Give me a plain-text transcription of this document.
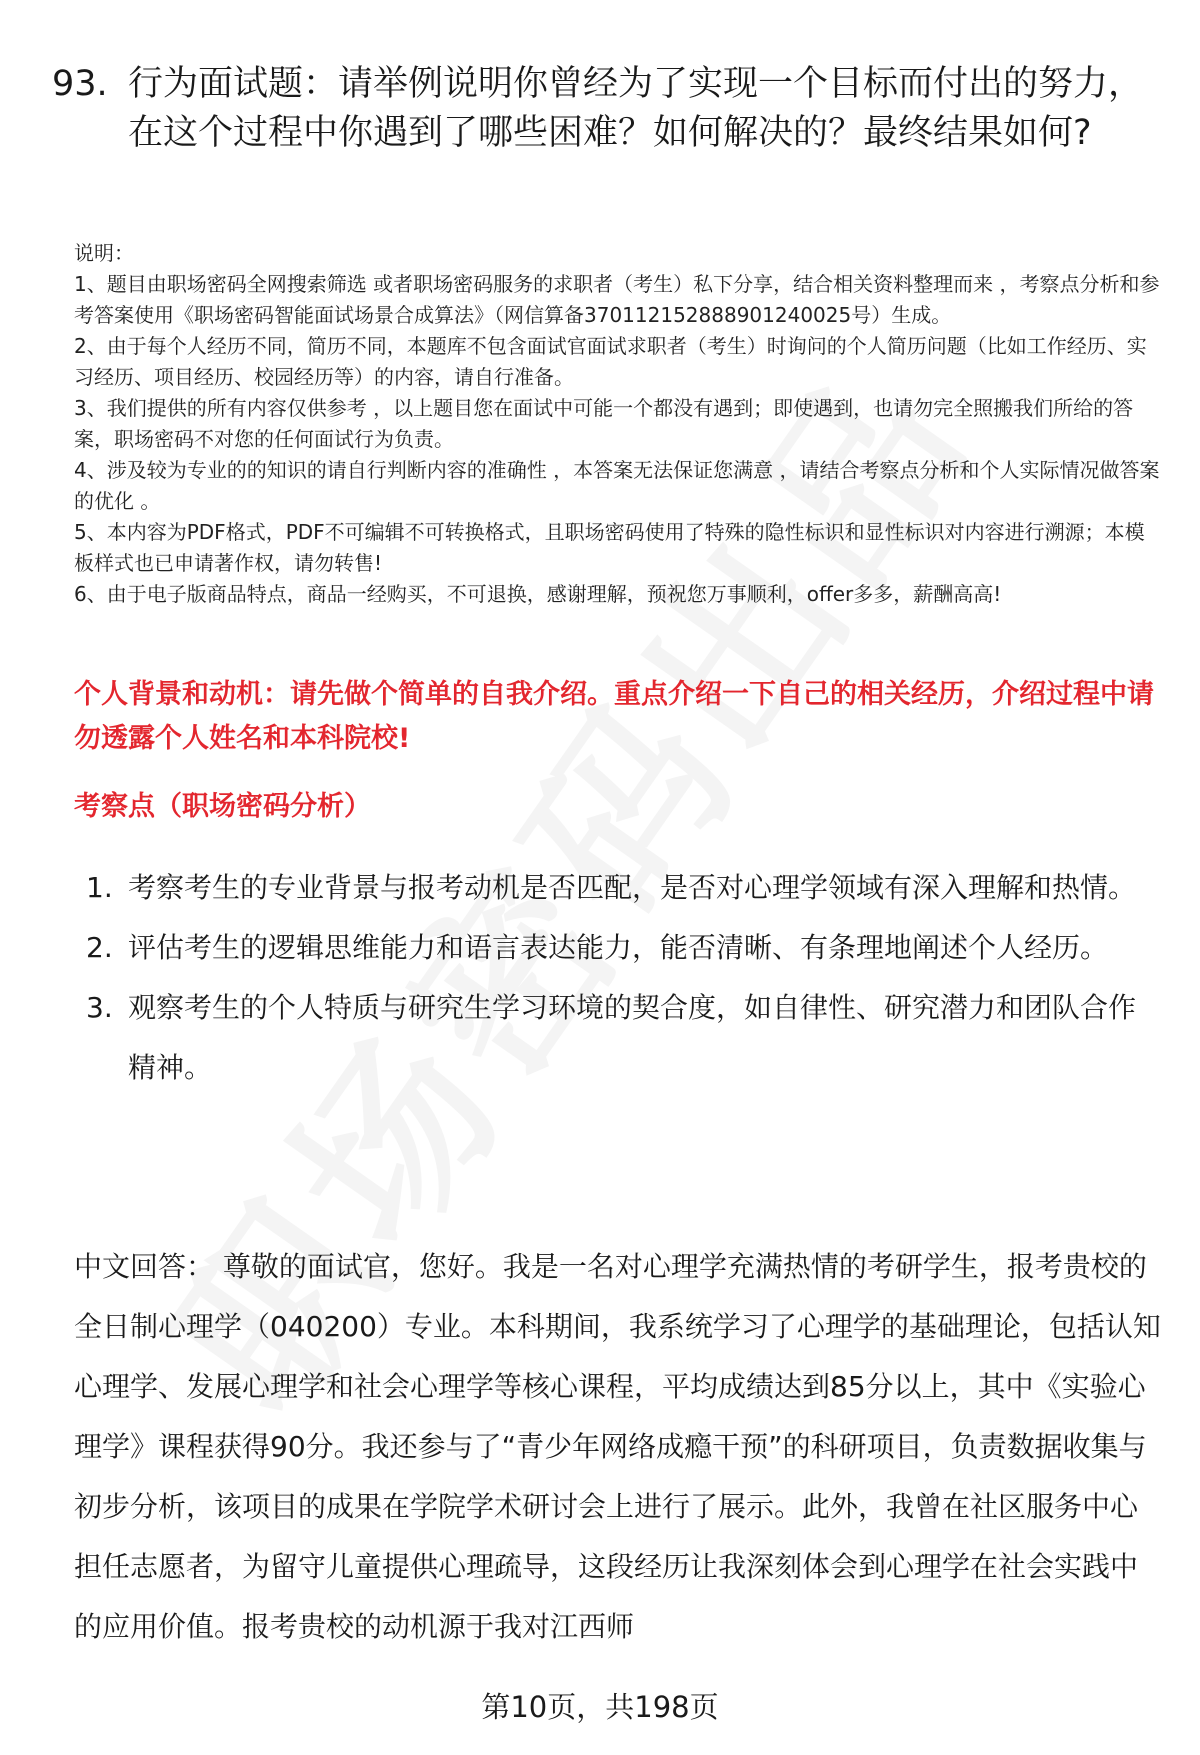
93. 行为面试题：请举例说明你曾经为了实现一个目标而付出的努力，在这个过程中你遇到了哪些困难？如何解决的？最终结果如何?

说明：

1、题目由职场密码全网搜索筛选 或者职场密码服务的求职者（考生）私下分享，结合相关资料整理而来 ，考察点分析和参考答案使用《职场密码智能面试场景合成算法》（网信算备370112152888901240025号）生成。

2、由于每个人经历不同，简历不同，本题库不包含面试官面试求职者（考生）时询问的个人简历问题（比如工作经历、实习经历、项目经历、校园经历等）的内容，请自行准备。

3、我们提供的所有内容仅供参考 ，以上题目您在面试中可能一个都没有遇到；即使遇到，也请勿完全照搬我们所给的答案，职场密码不对您的任何面试行为负责。

4、涉及较为专业的的知识的请自行判断内容的准确性 ，本答案无法保证您满意 ，请结合考察点分析和个人实际情况做答案的优化 。

5、本内容为PDF格式，PDF不可编辑不可转换格式，且职场密码使用了特殊的隐性标识和显性标识对内容进行溯源；本模板样式也已申请著作权，请勿转售!

6、由于电子版商品特点，商品一经购买，不可退换，感谢理解，预祝您万事顺利，offer多多，薪酬高高!

个人背景和动机：请先做个简单的自我介绍。重点介绍一下自己的相关经历，介绍过程中请勿透露个人姓名和本科院校!
考察点（职场密码分析）
1. 考察考生的专业背景与报考动机是否匹配，是否对心理学领域有深入理解和热情。
2. 评估考生的逻辑思维能力和语言表达能力，能否清晰、有条理地阐述个人经历。
3. 观察考生的个人特质与研究生学习环境的契合度，如自律性、研究潜力和团队合作精神。

中文回答： 尊敬的面试官，您好。我是一名对心理学充满热情的考研学生，报考贵校的全日制心理学（040200）专业。本科期间，我系统学习了心理学的基础理论，包括认知心理学、发展心理学和社会心理学等核心课程，平均成绩达到85分以上，其中《实验心理学》课程获得90分。我还参与了“青少年网络成瘾干预”的科研项目，负责数据收集与初步分析，该项目的成果在学院学术研讨会上进行了展示。此外，我曾在社区服务中心担任志愿者，为留守儿童提供心理疏导，这段经历让我深刻体会到心理学在社会实践中的应用价值。报考贵校的动机源于我对江西师

第10页，共198页
